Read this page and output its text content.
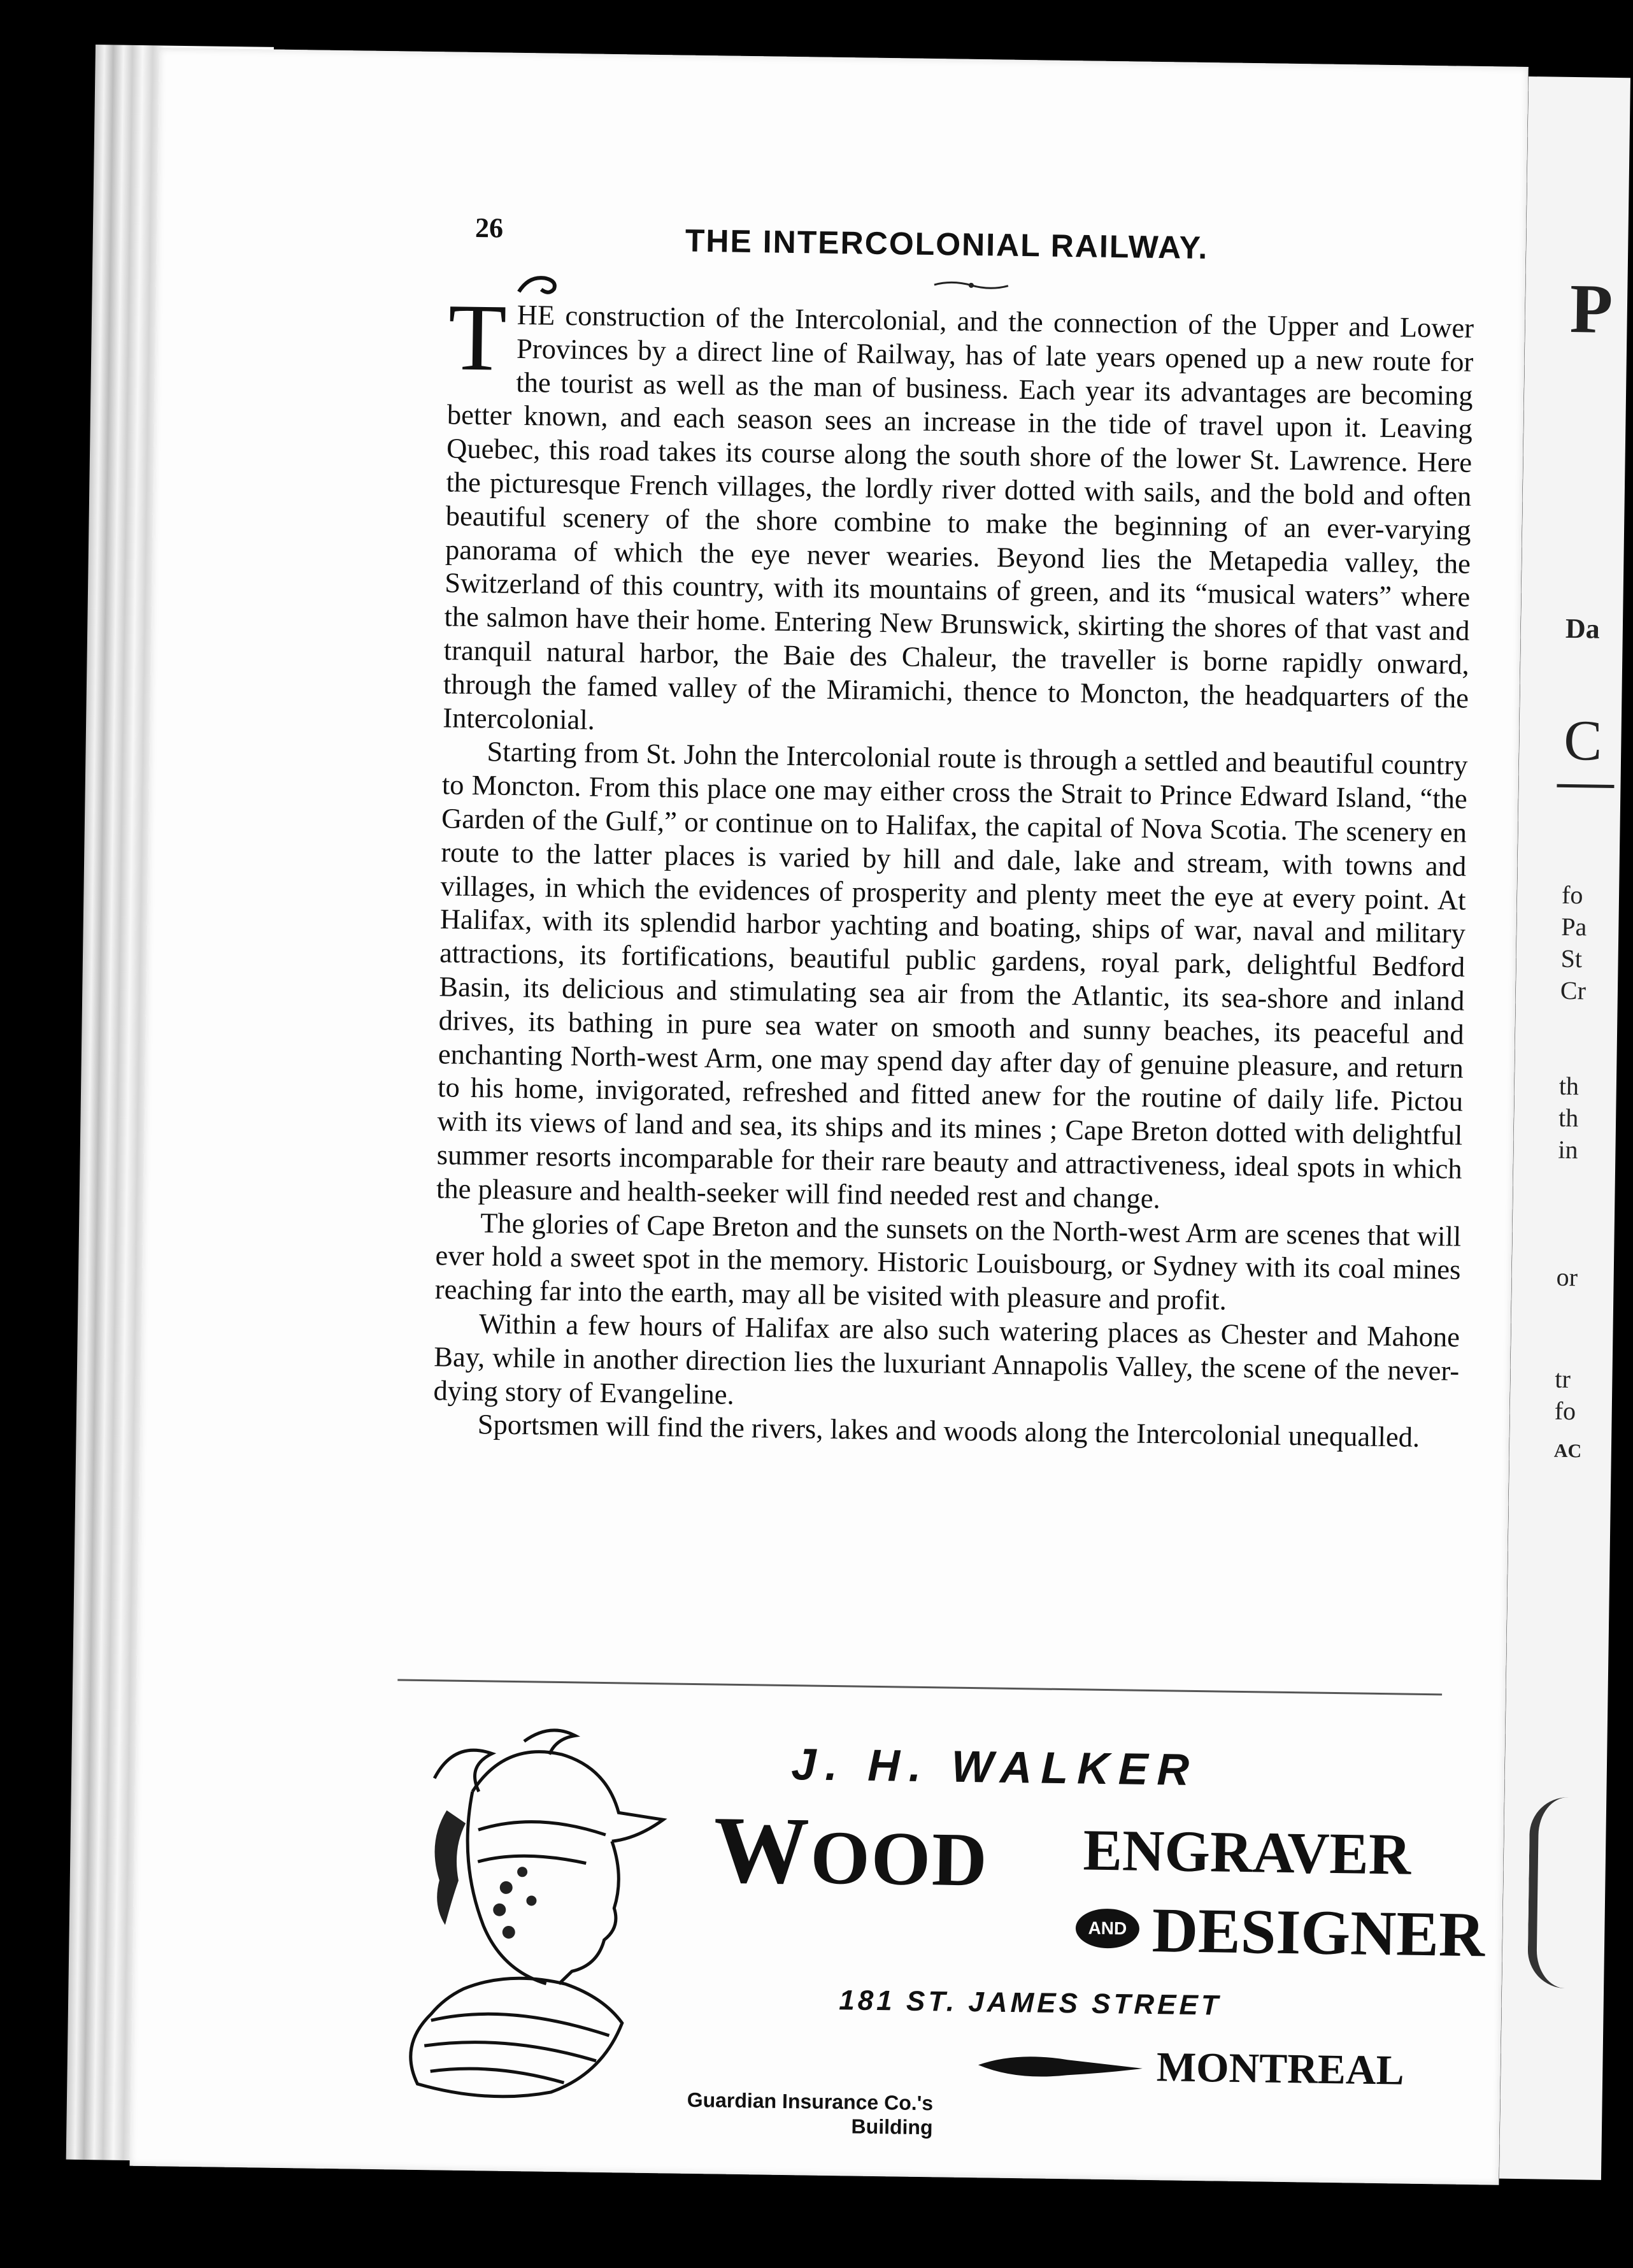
P
Da
C
fo
Pa
St
Cr
th
th
in
or
tr
fo
AC
26	THE INTERCOLONIAL RAILWAY.

THE construction of the Intercolonial, and the connection of the Upper and Lower Provinces by a direct line of Railway, has of late years opened up a new route for the tourist as well as the man of business. Each year its advantages are becoming better known, and each season sees an increase in the tide of travel upon it. Leaving Quebec, this road takes its course along the south shore of the lower St. Lawrence. Here the picturesque French villages, the lordly river dotted with sails, and the bold and often beautiful scenery of the shore combine to make the beginning of an ever-varying panorama of which the eye never wearies. Beyond lies the Metapedia valley, the Switzerland of this country, with its mountains of green, and its “musical waters” where the salmon have their home. Entering New Brunswick, skirting the shores of that vast and tranquil natural harbor, the Baie des Chaleur, the traveller is borne rapidly onward, through the famed valley of the Miramichi, thence to Moncton, the headquarters of the Intercolonial.

Starting from St. John the Intercolonial route is through a settled and beautiful country to Moncton. From this place one may either cross the Strait to Prince Edward Island, “the Garden of the Gulf,” or continue on to Halifax, the capital of Nova Scotia. The scenery en route to the latter places is varied by hill and dale, lake and stream, with towns and villages, in which the evidences of prosperity and plenty meet the eye at every point. At Halifax, with its splendid harbor yachting and boating, ships of war, naval and military attractions, its fortifications, beautiful public gardens, royal park, delightful Bedford Basin, its delicious and stimulating sea air from the Atlantic, its sea-shore and inland drives, its bathing in pure sea water on smooth and sunny beaches, its peaceful and enchanting North-west Arm, one may spend day after day of genuine pleasure, and return to his home, invigorated, refreshed and fitted anew for the routine of daily life. Pictou with its views of land and sea, its ships and its mines ; Cape Breton dotted with delightful summer resorts incomparable for their rare beauty and attractiveness, ideal spots in which the pleasure and health-seeker will find needed rest and change.

The glories of Cape Breton and the sunsets on the North-west Arm are scenes that will ever hold a sweet spot in the memory. Historic Louisbourg, or Sydney with its coal mines reaching far into the earth, may all be visited with pleasure and profit.

Within a few hours of Halifax are also such watering places as Chester and Mahone Bay, while in another direction lies the luxuriant Annapolis Valley, the scene of the never-dying story of Evangeline.

Sportsmen will find the rivers, lakes and woods along the Intercolonial unequalled.

J. H. WALKER
WOOD ENGRAVER
AND DESIGNER
181 ST. JAMES STREET
MONTREAL
Guardian Insurance Co.'s
Building
